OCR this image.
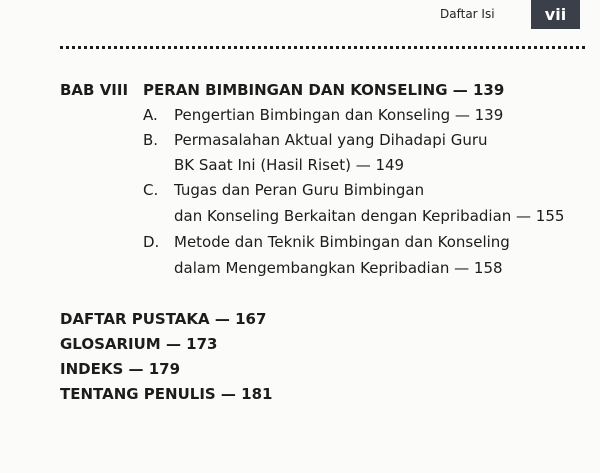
Daftar Isi	vii
BAB VIII PERAN BIMBINGAN DAN KONSELING — 139
A. Pengertian Bimbingan dan Konseling — 139
B. Permasalahan Aktual yang Dihadapi Guru
BK Saat Ini (Hasil Riset) — 149
C. Tugas dan Peran Guru Bimbingan
dan Konseling Berkaitan dengan Kepribadian — 155
D. Metode dan Teknik Bimbingan dan Konseling
dalam Mengembangkan Kepribadian — 158
DAFTAR PUSTAKA — 167
GLOSARIUM — 173
INDEKS — 179
TENTANG PENULIS — 181
